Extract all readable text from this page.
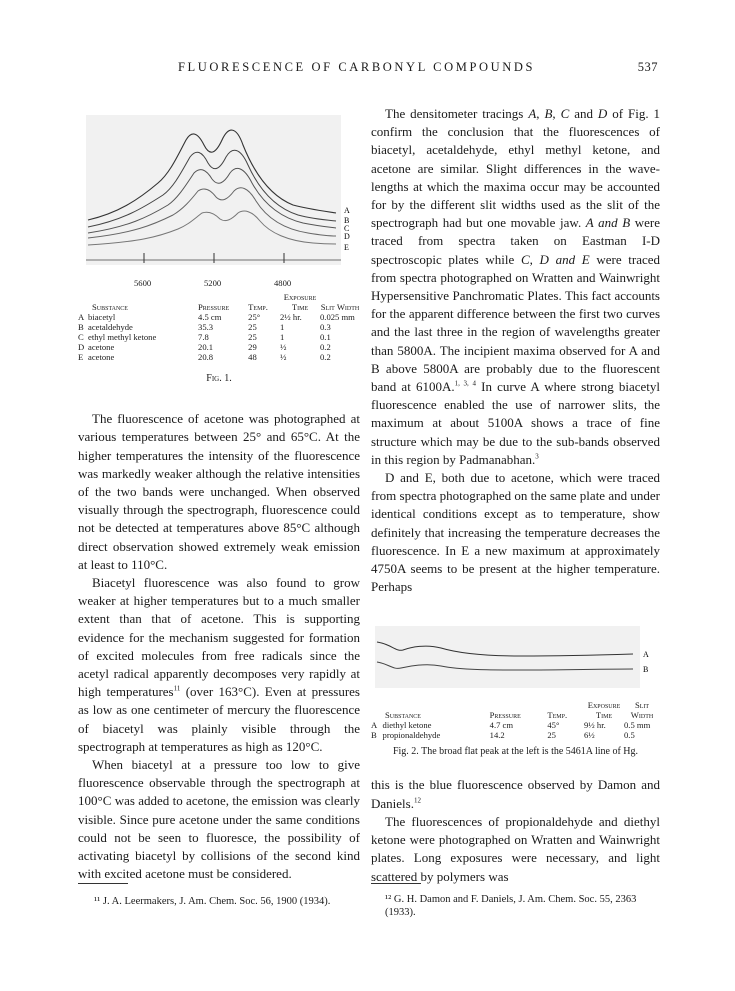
FLUORESCENCE OF CARBONYL COMPOUNDS	537
A
B
C
D
E
5600	5200	4800
Substance		Pressure	Temp.	Exposure Time	Slit Width
A	biacetyl	4.5 cm	25°	2½ hr.	0.025 mm
B	acetaldehyde	35.3	25	1	0.3
C	ethyl methyl ketone	7.8	25	1	0.1
D	acetone	20.1	29	½	0.2
E	acetone	20.8	48	½	0.2
Fig. 1.

The fluorescence of acetone was photographed at various temperatures between 25° and 65°C. At the higher temperatures the intensity of the fluorescence was markedly weaker although the relative intensities of the two bands were unchanged. When observed visually through the spectrograph, fluorescence could not be detected at temperatures above 85°C although direct observation showed extremely weak emission at least to 110°C.

Biacetyl fluorescence was also found to grow weaker at higher temperatures but to a much smaller extent than that of acetone. This is supporting evidence for the mechanism suggested for formation of excited molecules from free radicals since the acetyl radical apparently decomposes very rapidly at high temperatures$^{11}$ (over 163°C). Even at pressures as low as one centimeter of mercury the fluorescence of biacetyl was plainly visible through the spectrograph at temperatures as high as 120°C.

When biacetyl at a pressure too low to give fluorescence observable through the spectrograph at 100°C was added to acetone, the emission was clearly visible. Since pure acetone under the same conditions could not be seen to fluoresce, the possibility of activating biacetyl by collisions of the second kind with excited acetone must be considered.

The densitometer tracings A, B, C and D of Fig. 1 confirm the conclusion that the fluorescences of biacetyl, acetaldehyde, ethyl methyl ketone, and acetone are similar. Slight differences in the wave-lengths at which the maxima occur may be accounted for by the different slit widths used as the slit of the spectrograph had but one movable jaw. A and B were traced from spectra taken on Eastman I-D spectroscopic plates while C, D and E were traced from spectra photographed on Wratten and Wainwright Hypersensitive Panchromatic Plates. This fact accounts for the apparent difference between the first two curves and the last three in the region of wavelengths greater than 5800A. The incipient maxima observed for A and B above 5800A are probably due to the fluorescent band at 6100A.$^{1, 3, 4}$ In curve A where strong biacetyl fluorescence enabled the use of narrower slits, the maximum at about 5100A shows a trace of fine structure which may be due to the sub-bands observed in this region by Padmanabhan.$^3$

D and E, both due to acetone, which were traced from spectra photographed on the same plate and under identical conditions except as to temperature, show definitely that increasing the temperature decreases the fluorescence. In E a new maximum at approximately 4750A seems to be present at the higher temperature. Perhaps

A
B
Substance		Pressure	Temp.	Exposure Time	Slit Width
A	diethyl ketone	4.7 cm	45°	9½ hr.	0.5 mm
B	propionaldehyde	14.2	25	6½	0.5
Fig. 2. The broad flat peak at the left is the 5461A line of Hg.

this is the blue fluorescence observed by Damon and Daniels.$^{12}$

The fluorescences of propionaldehyde and diethyl ketone were photographed on Wratten and Wainwright plates. Long exposures were necessary, and light scattered by polymers was

¹¹ J. A. Leermakers, J. Am. Chem. Soc. 56, 1900 (1934).	¹² G. H. Damon and F. Daniels, J. Am. Chem. Soc. 55, 2363 (1933).
